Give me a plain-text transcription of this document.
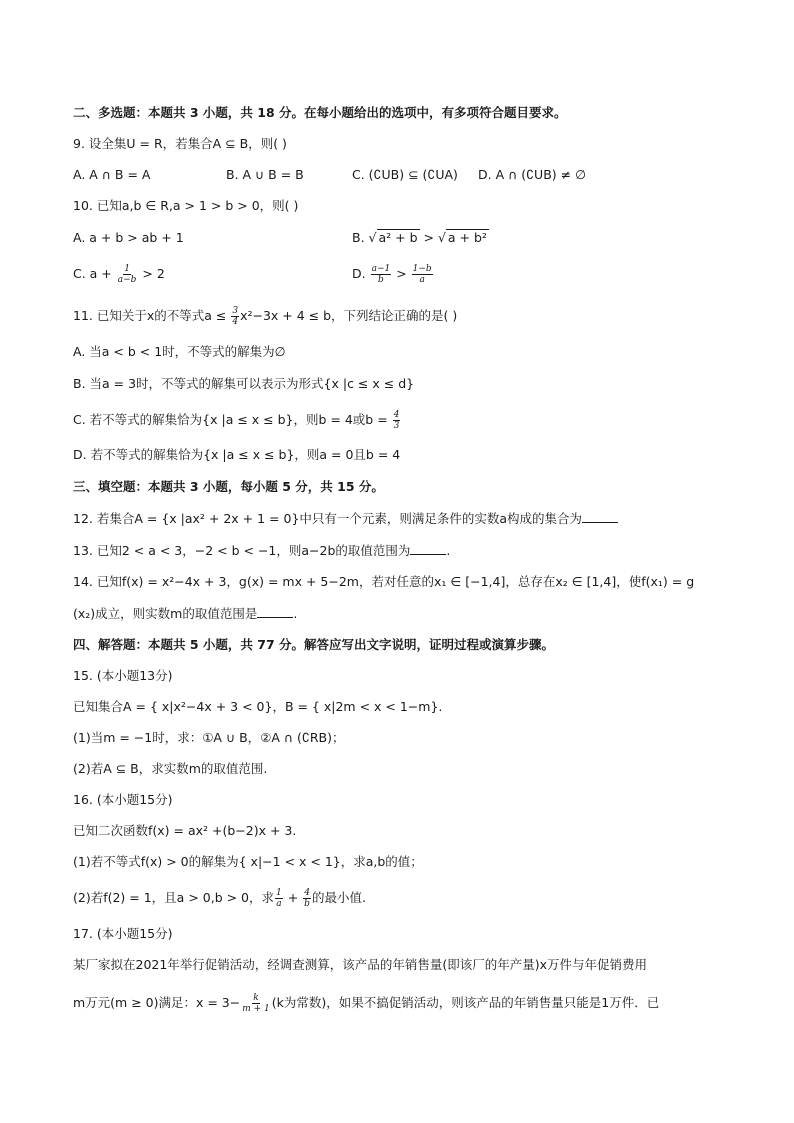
二、多选题：本题共 3 小题，共 18 分。在每小题给出的选项中，有多项符合题目要求。
9. 设全集U = R，若集合A ⊆ B，则( )
A. A ∩ B = A	B. A ∪ B = B	C. (∁UB) ⊆ (∁UA) D. A ∩ (∁UB) ≠ ∅
10. 已知a,b ∈ R,a > 1 > b > 0，则( )
A. a + b > ab + 1	B. √ a² + b > √ a + b²
C. $a + \frac{1}{a-b} > 2$	D. $\frac{a-1}{b} > \frac{1-b}{a}$
11. 已知关于x的不等式$a \le \frac{3}{4} x^2-3x + 4 \le b$，下列结论正确的是( )
A. 当a < b < 1时，不等式的解集为∅
B. 当a = 3时，不等式的解集可以表示为形式{x |c ≤ x ≤ d}
C. 若不等式的解集恰为{x |a ≤ x ≤ b}，则b = 4或$b = \frac{4}{3}$
D. 若不等式的解集恰为{x |a ≤ x ≤ b}，则a = 0且b = 4
三、填空题：本题共 3 小题，每小题 5 分，共 15 分。
12. 若集合A = {x |ax² + 2x + 1 = 0}中只有一个元素，则满足条件的实数a构成的集合为
13. 已知2 < a < 3，−2 < b < −1，则a−2b的取值范围为	.
14. 已知f(x) = x²−4x + 3，g(x) = mx + 5−2m，若对任意的x₁ ∈ [−1,4]，总存在x₂ ∈ [1,4]，使f(x₁) = g
(x₂)成立，则实数m的取值范围是	.
四、解答题：本题共 5 小题，共 77 分。解答应写出文字说明，证明过程或演算步骤。
15. (本小题13分)
已知集合A = { x|x²−4x + 3 < 0}，B = { x|2m < x < 1−m}.
(1)当m = −1时，求：①A ∪ B，②A ∩ (∁RB)；
(2)若A ⊆ B，求实数m的取值范围.
16. (本小题15分)
已知二次函数f(x) = ax² +(b−2)x + 3.
(1)若不等式f(x) > 0的解集为{ x|−1 < x < 1}，求a,b的值；
(2)若f(2) = 1，且a > 0,b > 0，求 $\frac{1}{a} + \frac{4}{b}$ 的最小值.
17. (本小题15分)
某厂家拟在2021年举行促销活动，经调查测算，该产品的年销售量(即该厂的年产量)x万件与年促销费用
m万元(m ≥ 0)满足：$x = 3- \frac{k}{m + 1} (k$为常数)，如果不搞促销活动，则该产品的年销售量只能是1万件．已
